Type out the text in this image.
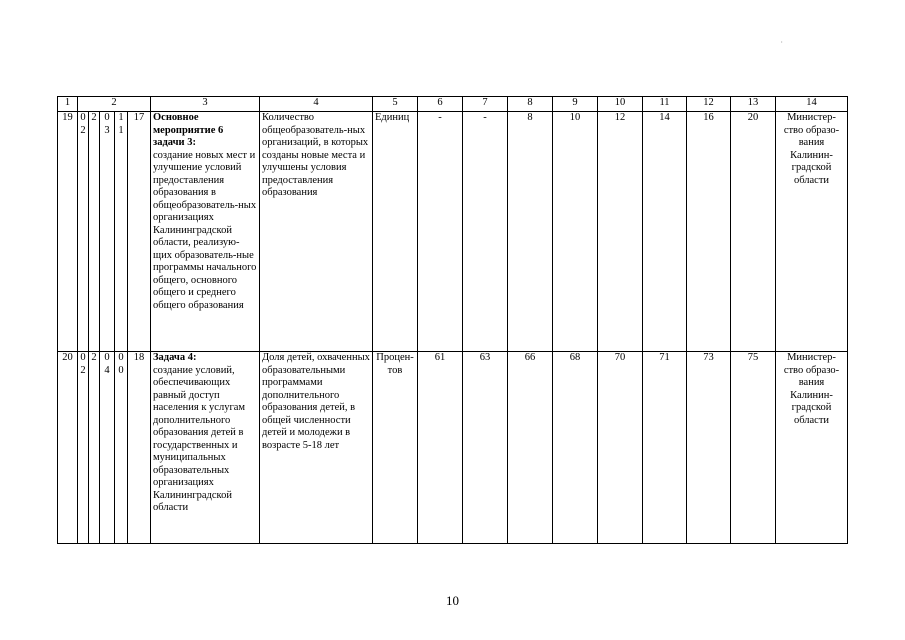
·
1	2					3	4	5	6	7	8	9	10	11	12	13	14
19	02	2	03	11	17	Основное мероприятие 6 задачи 3:
создание новых мест и улучшение условий предоставления образования в общеобразователь-ных организациях Калининградской области, реализую-щих образователь-ные программы начального общего, основного общего и среднего общего образования	Количество общеобразователь-ных организаций, в которых созданы новые места и улучшены условия предоставления образования	Единиц	-	-	8	10	12	14	16	20	Министер-ство образо-вания Калинин-градской области
20	02	2	04	00	18	Задача 4:
создание условий, обеспечивающих равный доступ населения к услугам дополнительного образования детей в государственных и муниципальных образовательных организациях Калининградской области	Доля детей, охваченных образовательными программами дополнительного образования детей, в общей численности детей и молодежи в возрасте 5-18 лет	Процен-тов	61	63	66	68	70	71	73	75	Министер-ство образо-вания Калинин-градской области
10
